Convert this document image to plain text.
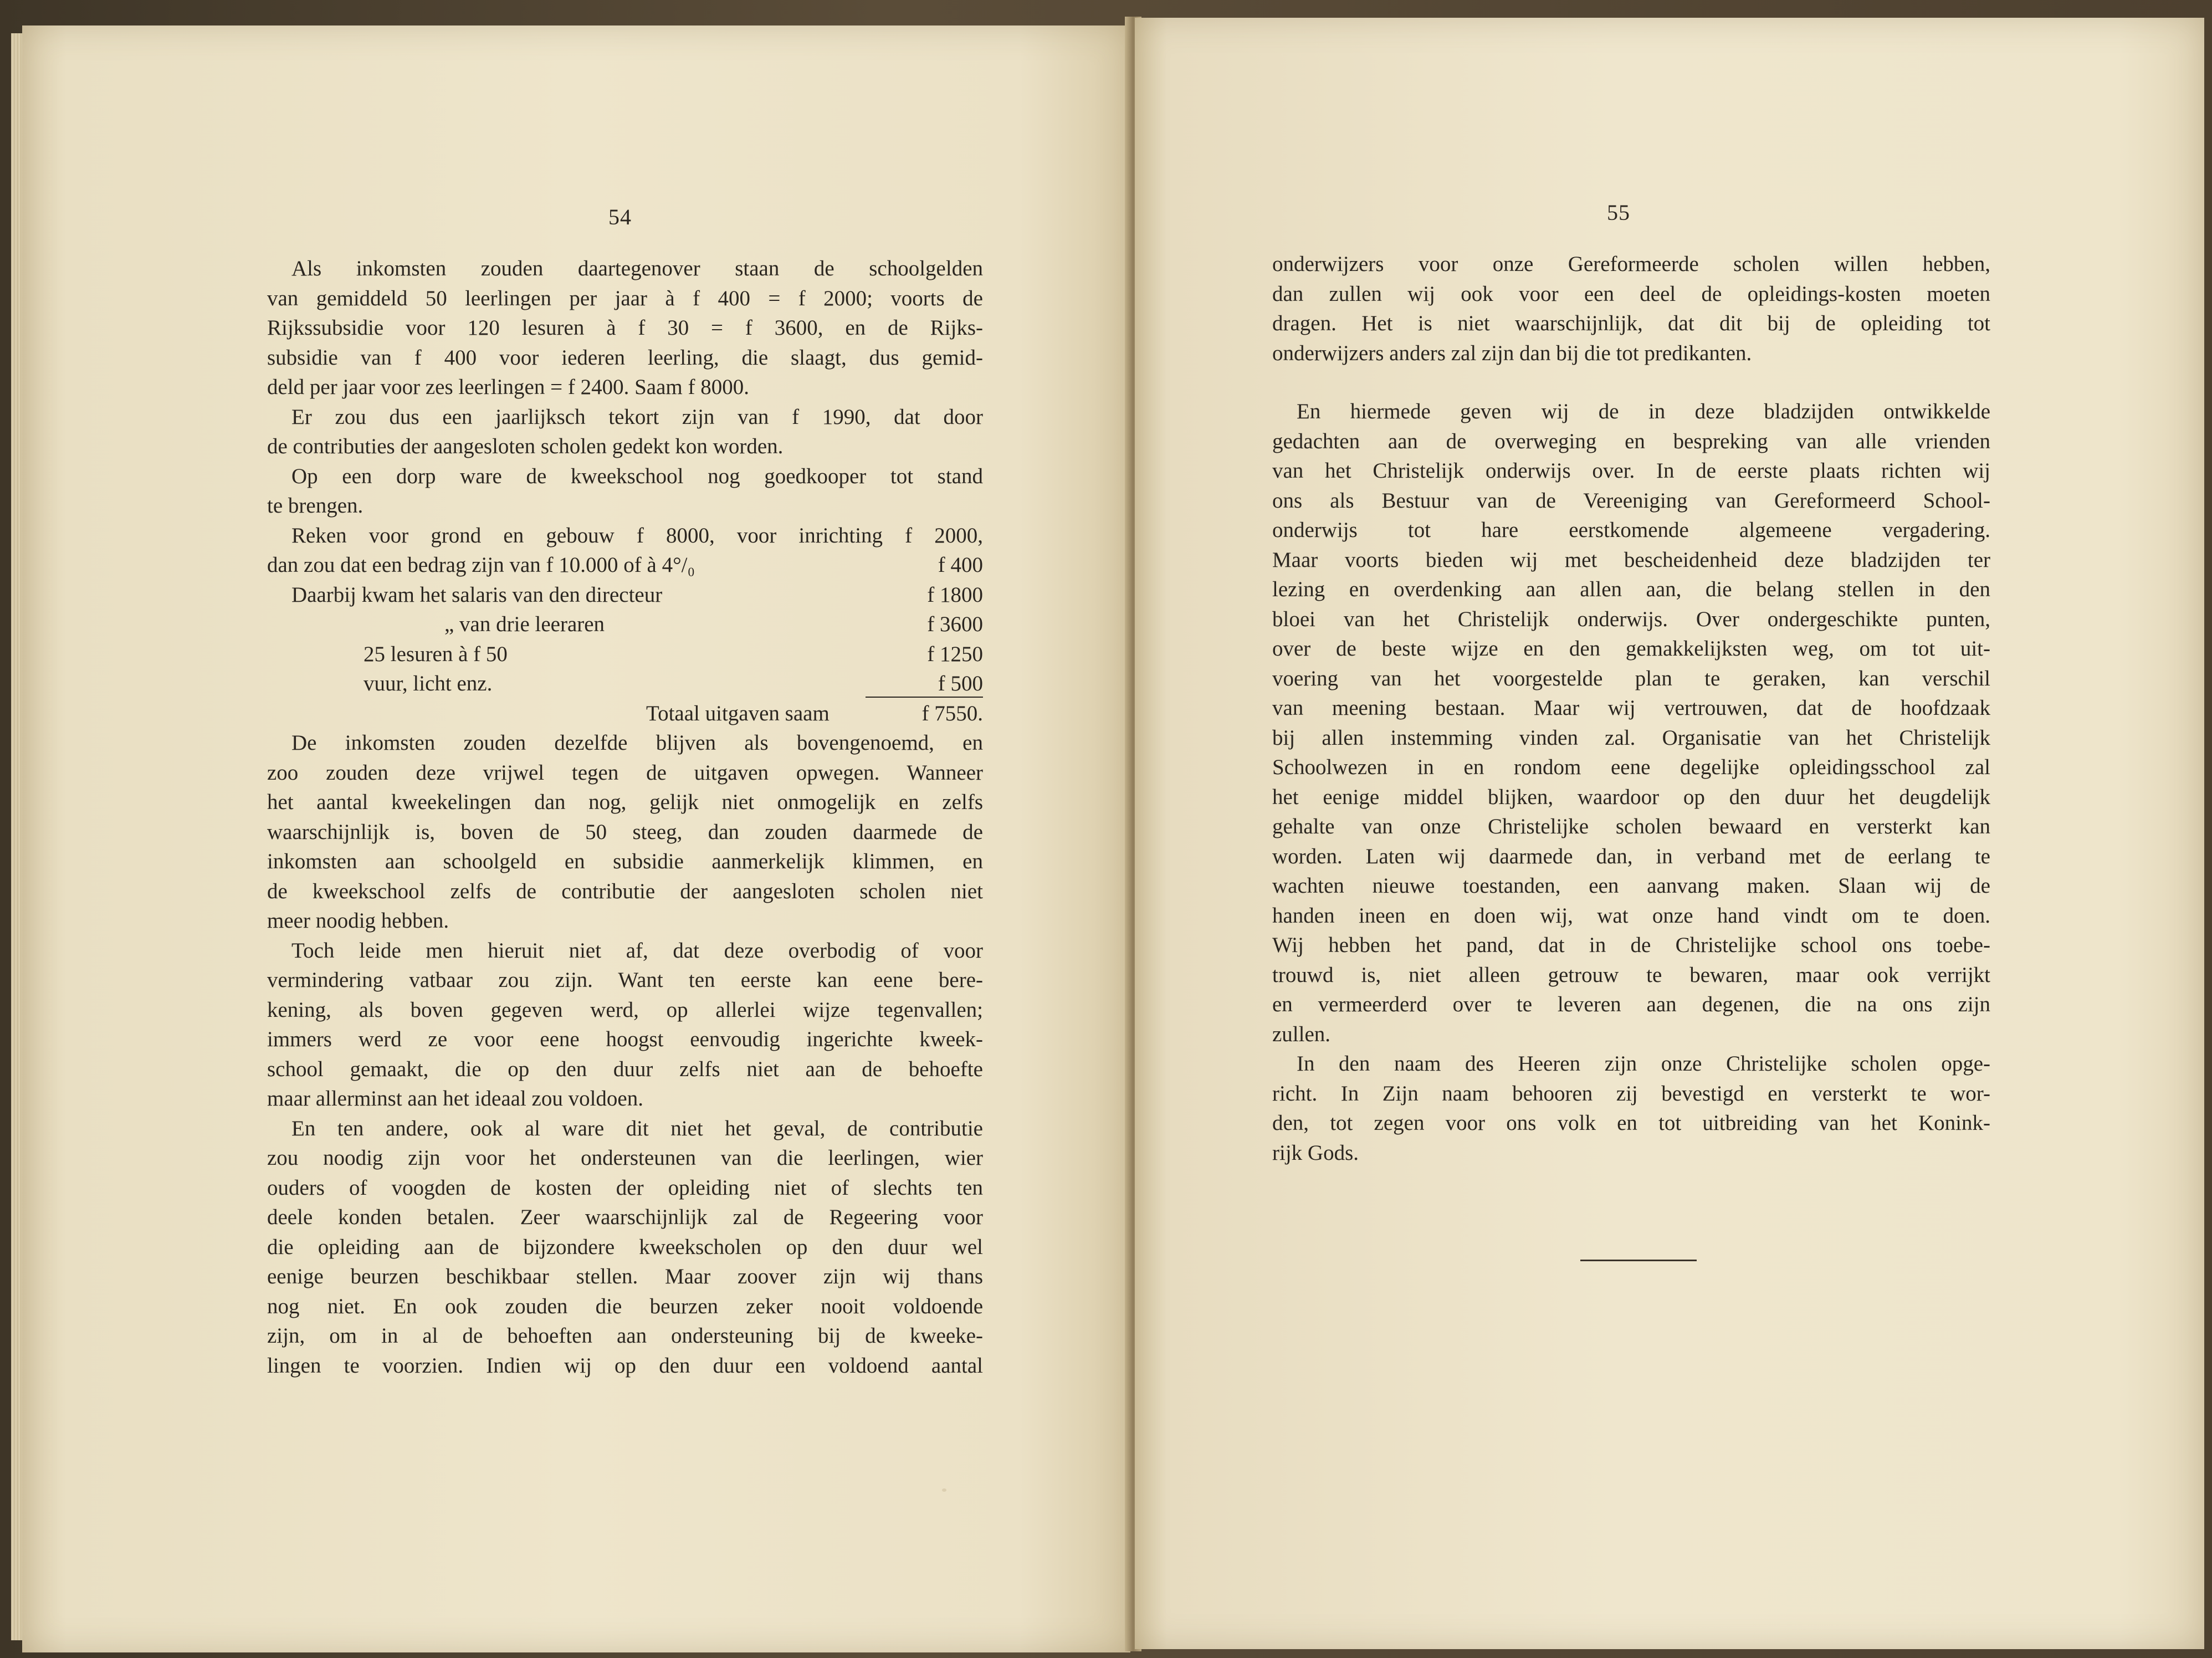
54
Als inkomsten zouden daartegenover staan de schoolgelden
van gemiddeld 50 leerlingen per jaar à f 400 = f 2000; voorts de
Rijkssubsidie voor 120 lesuren à f 30 = f 3600, en de Rijks-
subsidie van f 400 voor iederen leerling, die slaagt, dus gemid-
deld per jaar voor zes leerlingen = f 2400. Saam f 8000.
Er zou dus een jaarlijksch tekort zijn van f 1990, dat door
de contributies der aangesloten scholen gedekt kon worden.
Op een dorp ware de kweekschool nog goedkooper tot stand
te brengen.
Reken voor grond en gebouw f 8000, voor inrichting f 2000,
dan zou dat een bedrag zijn van f 10.000 of à 4°/₀	f 400
Daarbij kwam het salaris van den directeur	f 1800
„ van drie leeraren	f 3600
25 lesuren à f 50	f 1250
vuur, licht enz.	f 500
Totaal uitgaven saam	f 7550.
De inkomsten zouden dezelfde blijven als bovengenoemd, en
zoo zouden deze vrijwel tegen de uitgaven opwegen. Wanneer
het aantal kweekelingen dan nog, gelijk niet onmogelijk en zelfs
waarschijnlijk is, boven de 50 steeg, dan zouden daarmede de
inkomsten aan schoolgeld en subsidie aanmerkelijk klimmen, en
de kweekschool zelfs de contributie der aangesloten scholen niet
meer noodig hebben.
Toch leide men hieruit niet af, dat deze overbodig of voor
vermindering vatbaar zou zijn. Want ten eerste kan eene bere-
kening, als boven gegeven werd, op allerlei wijze tegenvallen;
immers werd ze voor eene hoogst eenvoudig ingerichte kweek-
school gemaakt, die op den duur zelfs niet aan de behoefte
maar allerminst aan het ideaal zou voldoen.
En ten andere, ook al ware dit niet het geval, de contributie
zou noodig zijn voor het ondersteunen van die leerlingen, wier
ouders of voogden de kosten der opleiding niet of slechts ten
deele konden betalen. Zeer waarschijnlijk zal de Regeering voor
die opleiding aan de bijzondere kweekscholen op den duur wel
eenige beurzen beschikbaar stellen. Maar zoover zijn wij thans
nog niet. En ook zouden die beurzen zeker nooit voldoende
zijn, om in al de behoeften aan ondersteuning bij de kweeke-
lingen te voorzien. Indien wij op den duur een voldoend aantal
55
onderwijzers voor onze Gereformeerde scholen willen hebben,
dan zullen wij ook voor een deel de opleidings-kosten moeten
dragen. Het is niet waarschijnlijk, dat dit bij de opleiding tot
onderwijzers anders zal zijn dan bij die tot predikanten.
En hiermede geven wij de in deze bladzijden ontwikkelde
gedachten aan de overweging en bespreking van alle vrienden
van het Christelijk onderwijs over. In de eerste plaats richten wij
ons als Bestuur van de Vereeniging van Gereformeerd School-
onderwijs tot hare eerstkomende algemeene vergadering.
Maar voorts bieden wij met bescheidenheid deze bladzijden ter
lezing en overdenking aan allen aan, die belang stellen in den
bloei van het Christelijk onderwijs. Over ondergeschikte punten,
over de beste wijze en den gemakkelijksten weg, om tot uit-
voering van het voorgestelde plan te geraken, kan verschil
van meening bestaan. Maar wij vertrouwen, dat de hoofdzaak
bij allen instemming vinden zal. Organisatie van het Christelijk
Schoolwezen in en rondom eene degelijke opleidingsschool zal
het eenige middel blijken, waardoor op den duur het deugdelijk
gehalte van onze Christelijke scholen bewaard en versterkt kan
worden. Laten wij daarmede dan, in verband met de eerlang te
wachten nieuwe toestanden, een aanvang maken. Slaan wij de
handen ineen en doen wij, wat onze hand vindt om te doen.
Wij hebben het pand, dat in de Christelijke school ons toebe-
trouwd is, niet alleen getrouw te bewaren, maar ook verrijkt
en vermeerderd over te leveren aan degenen, die na ons zijn
zullen.
In den naam des Heeren zijn onze Christelijke scholen opge-
richt. In Zijn naam behooren zij bevestigd en versterkt te wor-
den, tot zegen voor ons volk en tot uitbreiding van het Konink-
rijk Gods.
